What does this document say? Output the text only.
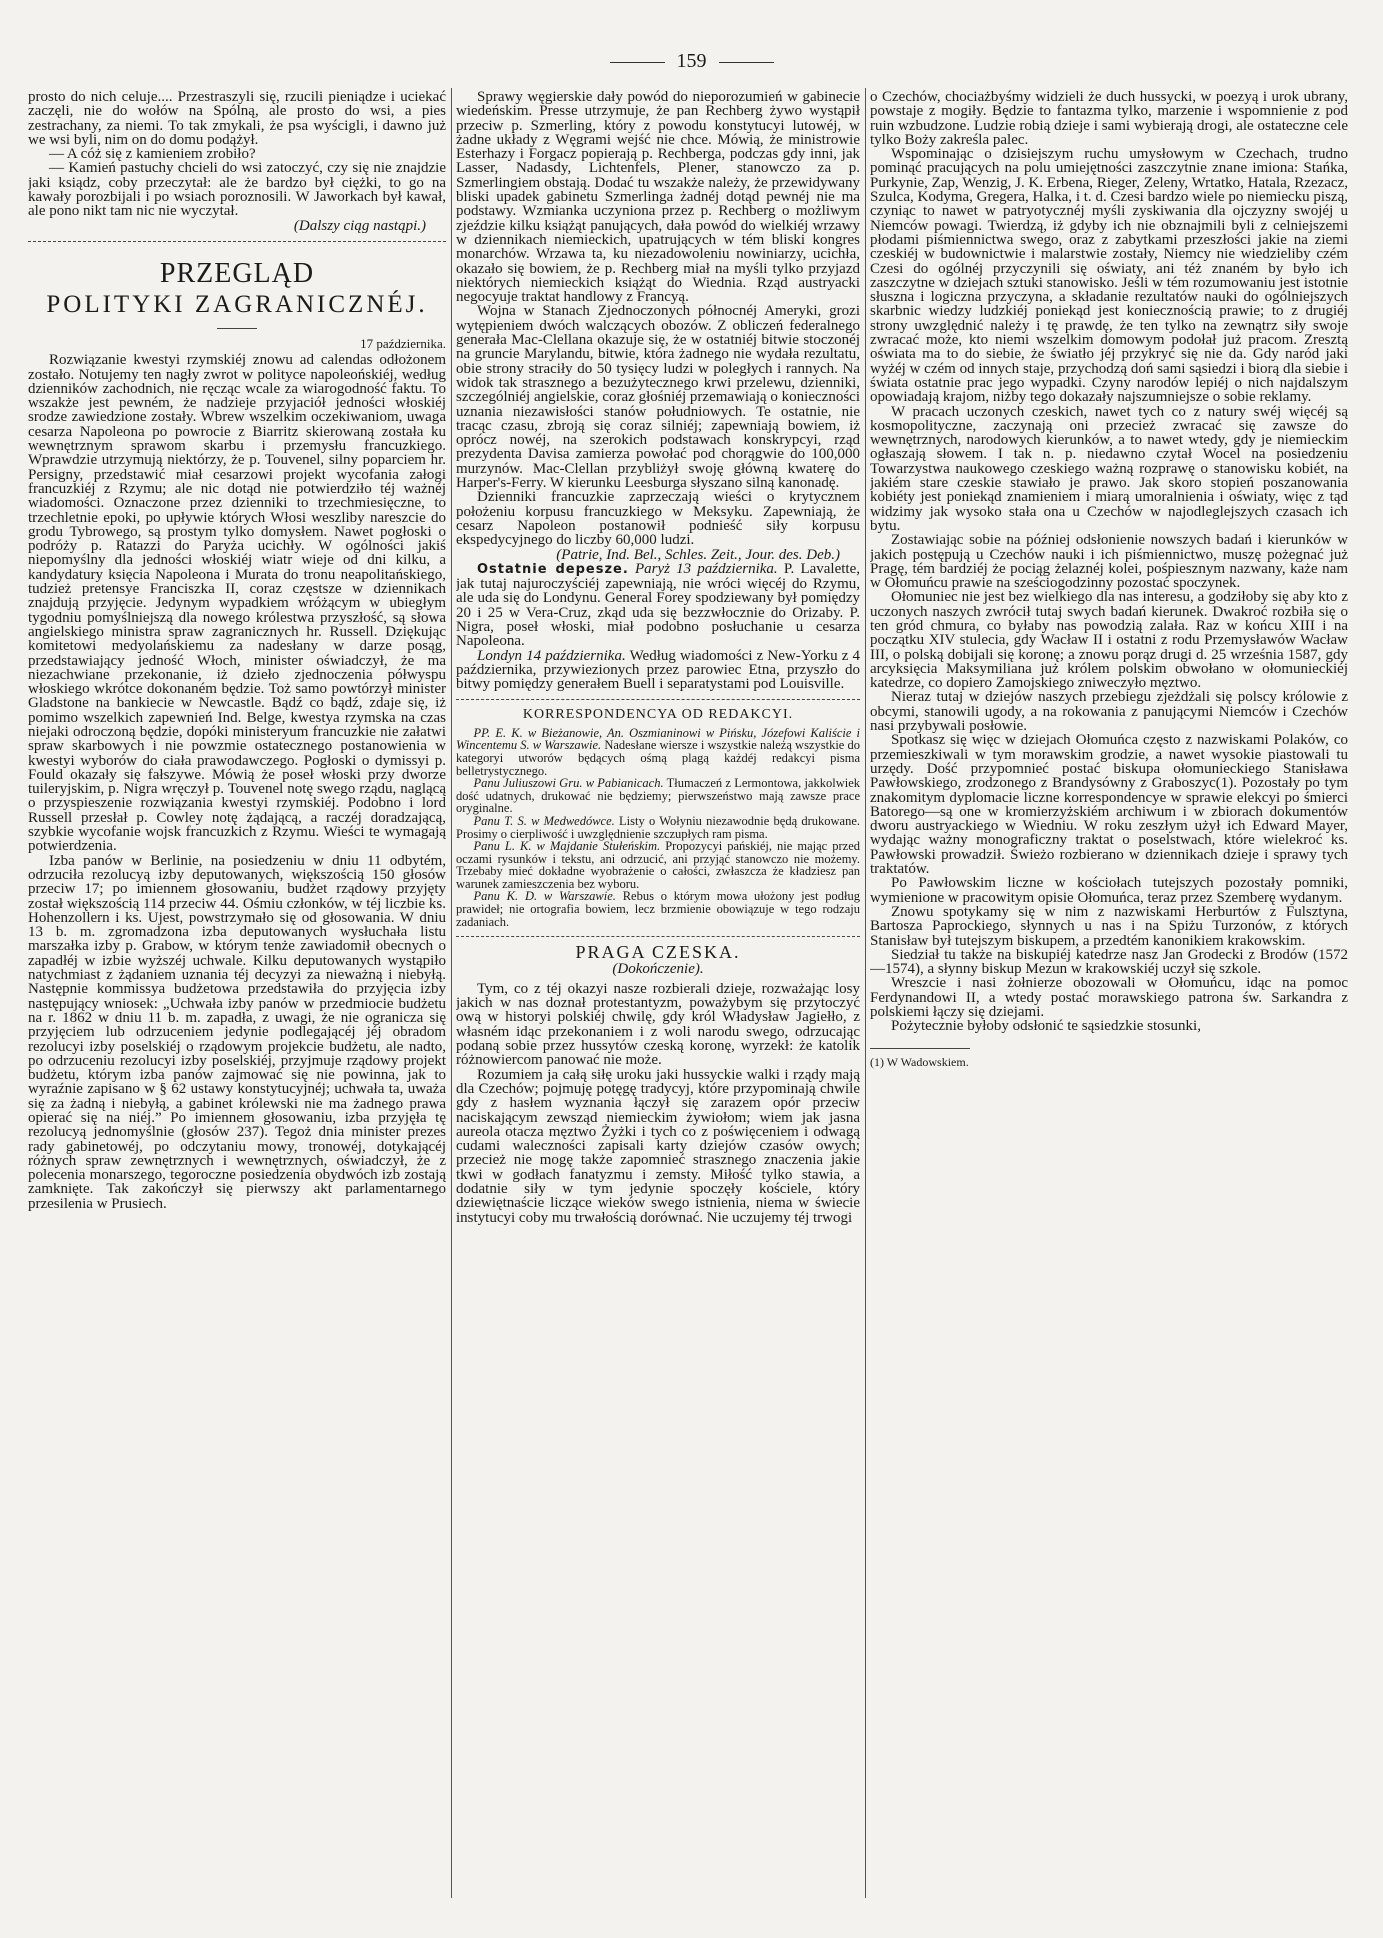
159

prosto do nich celuje.... Przestraszyli się, rzucili pieniądze i uciekać zaczęli, nie do wołów na Spólną, ale prosto do wsi, a pies zestrachany, za niemi. To tak zmykali, że psa wyścigli, i dawno już we wsi byli, nim on do domu podążył.

— A cóż się z kamieniem zrobiło?

— Kamień pastuchy chcieli do wsi zatoczyć, czy się nie znajdzie jaki ksiądz, coby przeczytał: ale że bardzo był ciężki, to go na kawały porozbijali i po wsiach poroznosili. W Jaworkach był kawał, ale pono nikt tam nic nie wyczytał.

(Dalszy ciąg nastąpi.)
PRZEGLĄD
POLITYKI ZAGRANICZNÉJ.
17 października.

Rozwiązanie kwestyi rzymskiéj znowu ad calendas odłożonem zostało. Notujemy ten nagły zwrot w polityce napoleońskiéj, według dzienników zachodnich, nie ręcząc wcale za wiarogodność faktu. To wszakże jest pewném, że nadzieje przyjaciół jedności włoskiéj srodze zawiedzione zostały. Wbrew wszelkim oczekiwaniom, uwaga cesarza Napoleona po powrocie z Biarritz skierowaną została ku wewnętrznym sprawom skarbu i przemysłu francuzkiego. Wprawdzie utrzymują niektórzy, że p. Touvenel, silny poparciem hr. Persigny, przedstawić miał cesarzowi projekt wycofania załogi francuzkiéj z Rzymu; ale nic dotąd nie potwierdziło téj ważnéj wiadomości. Oznaczone przez dzienniki to trzechmiesięczne, to trzechletnie epoki, po upływie których Włosi weszliby nareszcie do grodu Tybrowego, są prostym tylko domysłem. Nawet pogłoski o podróży p. Ratazzi do Paryża ucichły. W ogólności jakiś niepomyślny dla jedności włoskiéj wiatr wieje od dni kilku, a kandydatury księcia Napoleona i Murata do tronu neapolitańskiego, tudzież pretensye Franciszka II, coraz częstsze w dziennikach znajdują przyjęcie. Jedynym wypadkiem wróżącym w ubiegłym tygodniu pomyślniejszą dla nowego królestwa przyszłość, są słowa angielskiego ministra spraw zagranicznych hr. Russell. Dziękując komitetowi medyolańskiemu za nadesłany w darze posąg, przedstawiający jedność Włoch, minister oświadczył, że ma niezachwiane przekonanie, iż dzieło zjednoczenia półwyspu włoskiego wkrótce dokonaném będzie. Toż samo powtórzył minister Gladstone na bankiecie w Newcastle. Bądź co bądź, zdaje się, iż pomimo wszelkich zapewnień Ind. Belge, kwestya rzymska na czas niejaki odroczoną będzie, dopóki ministeryum francuzkie nie załatwi spraw skarbowych i nie powzmie ostatecznego postanowienia w kwestyi wyborów do ciała prawodawczego. Pogłoski o dymissyi p. Fould okazały się fałszywe. Mówią że poseł włoski przy dworze tuileryjskim, p. Nigra wręczył p. Touvenel notę swego rządu, naglącą o przyspieszenie rozwiązania kwestyi rzymskiéj. Podobno i lord Russell przesłał p. Cowley notę żądającą, a raczéj doradzającą, szybkie wycofanie wojsk francuzkich z Rzymu. Wieści te wymagają potwierdzenia.

Izba panów w Berlinie, na posiedzeniu w dniu 11 odbytém, odrzuciła rezolucyą izby deputowanych, większością 150 głosów przeciw 17; po imiennem głosowaniu, budżet rządowy przyjęty został większością 114 przeciw 44. Ośmiu członków, w téj liczbie ks. Hohenzollern i ks. Ujest, powstrzymało się od głosowania. W dniu 13 b. m. zgromadzona izba deputowanych wysłuchała listu marszałka izby p. Grabow, w którym tenże zawiadomił obecnych o zapadłéj w izbie wyższéj uchwale. Kilku deputowanych wystąpiło natychmiast z żądaniem uznania téj decyzyi za nieważną i niebyłą. Następnie kommissya budżetowa przedstawiła do przyjęcia izby następujący wniosek: „Uchwała izby panów w przedmiocie budżetu na r. 1862 w dniu 11 b. m. zapadła, z uwagi, że nie ogranicza się przyjęciem lub odrzuceniem jedynie podlegającéj jéj obradom rezolucyi izby poselskiéj o rządowym projekcie budżetu, ale nadto, po odrzuceniu rezolucyi izby poselskiéj, przyjmuje rządowy projekt budżetu, którym izba panów zajmować się nie powinna, jak to wyraźnie zapisano w § 62 ustawy konstytucyjnéj; uchwała ta, uważa się za żadną i niebyłą, a gabinet królewski nie ma żadnego prawa opierać się na niéj.” Po imiennem głosowaniu, izba przyjęła tę rezolucyą jednomyślnie (głosów 237). Tegoż dnia minister prezes rady gabinetowéj, po odczytaniu mowy, tronowéj, dotykającéj różnych spraw zewnętrznych i wewnętrznych, oświadczył, że z polecenia monarszego, tegoroczne posiedzenia obydwóch izb zostają zamknięte. Tak zakończył się pierwszy akt parlamentarnego przesilenia w Prusiech.

Sprawy węgierskie dały powód do nieporozumień w gabinecie wiedeńskim. Presse utrzymuje, że pan Rechberg żywo wystąpił przeciw p. Szmerling, który z powodu konstytucyi lutowéj, w żadne układy z Węgrami wejść nie chce. Mówią, że ministrowie Esterhazy i Forgacz popierają p. Rechberga, podczas gdy inni, jak Lasser, Nadasdy, Lichtenfels, Plener, stanowczo za p. Szmerlingiem obstają. Dodać tu wszakże należy, że przewidywany bliski upadek gabinetu Szmerlinga żadnéj dotąd pewnéj nie ma podstawy. Wzmianka uczyniona przez p. Rechberg o możliwym zjeździe kilku książąt panujących, dała powód do wielkiéj wrzawy w dziennikach niemieckich, upatrujących w tém bliski kongres monarchów. Wrzawa ta, ku niezadowoleniu nowiniarzy, ucichła, okazało się bowiem, że p. Rechberg miał na myśli tylko przyjazd niektórych niemieckich książąt do Wiednia. Rząd austryacki negocyuje traktat handlowy z Francyą.

Wojna w Stanach Zjednoczonych północnéj Ameryki, grozi wytępieniem dwóch walczących obozów. Z obliczeń federalnego generała Mac-Clellana okazuje się, że w ostatniéj bitwie stoczonéj na gruncie Marylandu, bitwie, która żadnego nie wydała rezultatu, obie strony straciły do 50 tysięcy ludzi w poległych i rannych. Na widok tak strasznego a bezużytecznego krwi przelewu, dzienniki, szczególniéj angielskie, coraz głośniéj przemawiają o konieczności uznania niezawisłości stanów południowych. Te ostatnie, nie tracąc czasu, zbroją się coraz silniéj; zapewniają bowiem, iż oprócz nowéj, na szerokich podstawach konskrypcyi, rząd prezydenta Davisa zamierza powołać pod chorągwie do 100,000 murzynów. Mac-Clellan przybliżył swoję główną kwaterę do Harper's-Ferry. W kierunku Leesburga słyszano silną kanonadę.

Dzienniki francuzkie zaprzeczają wieści o krytycznem położeniu korpusu francuzkiego w Meksyku. Zapewniają, że cesarz Napoleon postanowił podnieść siły korpusu ekspedycyjnego do liczby 60,000 ludzi.

(Patrie, Ind. Bel., Schles. Zeit., Jour. des. Deb.)

Ostatnie depesze. Paryż 13 października. P. Lavalette, jak tutaj najuroczyściéj zapewniają, nie wróci więcéj do Rzymu, ale uda się do Londynu. General Forey spodziewany był pomiędzy 20 i 25 w Vera-Cruz, zkąd uda się bezzwłocznie do Orizaby. P. Nigra, poseł włoski, miał podobno posłuchanie u cesarza Napoleona.

Londyn 14 października. Według wiadomości z New-Yorku z 4 października, przywiezionych przez parowiec Etna, przyszło do bitwy pomiędzy generałem Buell i separatystami pod Louisville.

KORRESPONDENCYA OD REDAKCYI.

PP. E. K. w Bieżanowie, An. Oszmianinowi w Pińsku, Józefowi Kaliście i Wincentemu S. w Warszawie. Nadesłane wiersze i wszystkie należą wszystkie do kategoryi utworów będących ośmą plagą każdéj redakcyi pisma belletrystycznego.

Panu Juliuszowi Gru. w Pabianicach. Tłumaczeń z Lermontowa, jakkolwiek dość udatnych, drukować nie będziemy; pierwszeństwo mają zawsze prace oryginalne.

Panu T. S. w Medwedówce. Listy o Wołyniu niezawodnie będą drukowane. Prosimy o cierpliwość i uwzględnienie szczupłych ram pisma.

Panu L. K. w Majdanie Stułeńskim. Propozycyi pańskiéj, nie mając przed oczami rysunków i tekstu, ani odrzucić, ani przyjąć stanowczo nie możemy. Trzebaby mieć dokładne wyobrażenie o całości, zwłaszcza że kładziesz pan warunek zamieszczenia bez wyboru.

Panu K. D. w Warszawie. Rebus o którym mowa ułożony jest podług prawideł; nie ortografia bowiem, lecz brzmienie obowiązuje w tego rodzaju zadaniach.

PRAGA CZESKA.
(Dokończenie).

Tym, co z téj okazyi nasze rozbierali dzieje, rozważając losy jakich w nas doznał protestantyzm, poważybym się przytoczyć ową w historyi polskiéj chwilę, gdy król Władysław Jagiełło, z własném idąc przekonaniem i z woli narodu swego, odrzucając podaną sobie przez hussytów czeską koronę, wyrzekł: że katolik różnowiercom panować nie może.

Rozumiem ja całą siłę uroku jaki hussyckie walki i rządy mają dla Czechów; pojmuję potęgę tradycyj, które przypominają chwile gdy z hasłem wyznania łączył się zarazem opór przeciw naciskającym zewsząd niemieckim żywiołom; wiem jak jasna aureola otacza męztwo Żyżki i tych co z poświęceniem i odwagą cudami waleczności zapisali karty dziejów czasów owych; przecież nie mogę także zapomnieć strasznego znaczenia jakie tkwi w godłach fanatyzmu i zemsty. Miłość tylko stawia, a dodatnie siły w tym jedynie spoczęły kościele, który dziewiętnaście liczące wieków swego istnienia, niema w świecie instytucyi coby mu trwałością dorównać. Nie uczujemy téj trwogi

o Czechów, chociażbyśmy widzieli że duch hussycki, w poezyą i urok ubrany, powstaje z mogiły. Będzie to fantazma tylko, marzenie i wspomnienie z pod ruin wzbudzone. Ludzie robią dzieje i sami wybierają drogi, ale ostateczne cele tylko Boży zakreśla palec.

Wspominając o dzisiejszym ruchu umysłowym w Czechach, trudno pominąć pracujących na polu umiejętności zaszczytnie znane imiona: Stańka, Purkynie, Zap, Wenzig, J. K. Erbena, Rieger, Zeleny, Wrtatko, Hatala, Rzezacz, Szulca, Kodyma, Gregera, Halka, i t. d. Czesi bardzo wiele po niemiecku piszą, czyniąc to nawet w patryotycznéj myśli zyskiwania dla ojczyzny swojéj u Niemców powagi. Twierdzą, iż gdyby ich nie obznajmili byli z celniejszemi płodami piśmiennictwa swego, oraz z zabytkami przeszłości jakie na ziemi czeskiéj w budownictwie i malarstwie zostały, Niemcy nie wiedzieliby czém Czesi do ogólnéj przyczynili się oświaty, ani téż znaném by było ich zaszczytne w dziejach sztuki stanowisko. Jeśli w tém rozumowaniu jest istotnie słuszna i logiczna przyczyna, a składanie rezultatów nauki do ogólniejszych skarbnic wiedzy ludzkiéj poniekąd jest koniecznością prawie; to z drugiéj strony uwzględnić należy i tę prawdę, że ten tylko na zewnątrz siły swoje zwracać może, kto niemi wszelkim domowym podołał już pracom. Zresztą oświata ma to do siebie, że światło jéj przykryć się nie da. Gdy naród jaki wyżéj w czém od innych staje, przychodzą doń sami sąsiedzi i biorą dla siebie i świata ostatnie prac jego wypadki. Czyny narodów lepiéj o nich najdalszym opowiadają krajom, niżby tego dokazały najszumniejsze o sobie reklamy.

W pracach uczonych czeskich, nawet tych co z natury swéj więcéj są kosmopolityczne, zaczynają oni przecież zwracać się zawsze do wewnętrznych, narodowych kierunków, a to nawet wtedy, gdy je niemieckim ogłaszają słowem. I tak n. p. niedawno czytał Wocel na posiedzeniu Towarzystwa naukowego czeskiego ważną rozprawę o stanowisku kobiét, na jakiém stare czeskie stawiało je prawo. Jak skoro stopień poszanowania kobiéty jest poniekąd znamieniem i miarą umoralnienia i oświaty, więc z tąd widzimy jak wysoko stała ona u Czechów w najodleglejszych czasach ich bytu.

Zostawiając sobie na później odsłonienie nowszych badań i kierunków w jakich postępują u Czechów nauki i ich piśmiennictwo, muszę pożegnać już Pragę, tém bardziéj że pociąg żelaznéj kolei, pośpiesznym nazwany, każe nam w Ołomuńcu prawie na sześciogodzinny pozostać spoczynek.

Ołomuniec nie jest bez wielkiego dla nas interesu, a godziłoby się aby kto z uczonych naszych zwrócił tutaj swych badań kierunek. Dwakroć rozbiła się o ten gród chmura, co byłaby nas powodzią zalała. Raz w końcu XIII i na początku XIV stulecia, gdy Wacław II i ostatni z rodu Przemysławów Wacław III, o polską dobijali się koronę; a znowu porąz drugi d. 25 września 1587, gdy arcyksięcia Maksymiliana już królem polskim obwołano w ołomunieckiéj katedrze, co dopiero Zamojskiego zniweczyło męztwo.

Nieraz tutaj w dziejów naszych przebiegu zjeżdżali się polscy królowie z obcymi, stanowili ugody, a na rokowania z panującymi Niemców i Czechów nasi przybywali posłowie.

Spotkasz się więc w dziejach Ołomuńca często z nazwiskami Polaków, co przemieszkiwali w tym morawskim grodzie, a nawet wysokie piastowali tu urzędy. Dość przypomnieć postać biskupa ołomunieckiego Stanisława Pawłowskiego, zrodzonego z Brandysówny z Graboszyc(1). Pozostały po tym znakomitym dyplomacie liczne korrespondencye w sprawie elekcyi po śmierci Batorego—są one w kromierzyżskiém archiwum i w zbiorach dokumentów dworu austryackiego w Wiedniu. W roku zeszłym użył ich Edward Mayer, wydając ważny monograficzny traktat o poselstwach, które wielekroć ks. Pawłowski prowadził. Świeżo rozbierano w dziennikach dzieje i sprawy tych traktatów.

Po Pawłowskim liczne w kościołach tutejszych pozostały pomniki, wymienione w pracowitym opisie Ołomuńca, teraz przez Szemberę wydanym.

Znowu spotykamy się w nim z nazwiskami Herburtów z Fulsztyna, Bartosza Paprockiego, słynnych u nas i na Spiżu Turzonów, z których Stanisław był tutejszym biskupem, a przedtém kanonikiem krakowskim.

Siedział tu także na biskupiéj katedrze nasz Jan Grodecki z Brodów (1572—1574), a słynny biskup Mezun w krakowskiéj uczył się szkole.

Wreszcie i nasi żołnierze obozowali w Ołomuńcu, idąc na pomoc Ferdynandowi II, a wtedy postać morawskiego patrona św. Sarkandra z polskiemi łączy się dziejami.

Pożytecznie byłoby odsłonić te sąsiedzkie stosunki,

(1) W Wadowskiem.
